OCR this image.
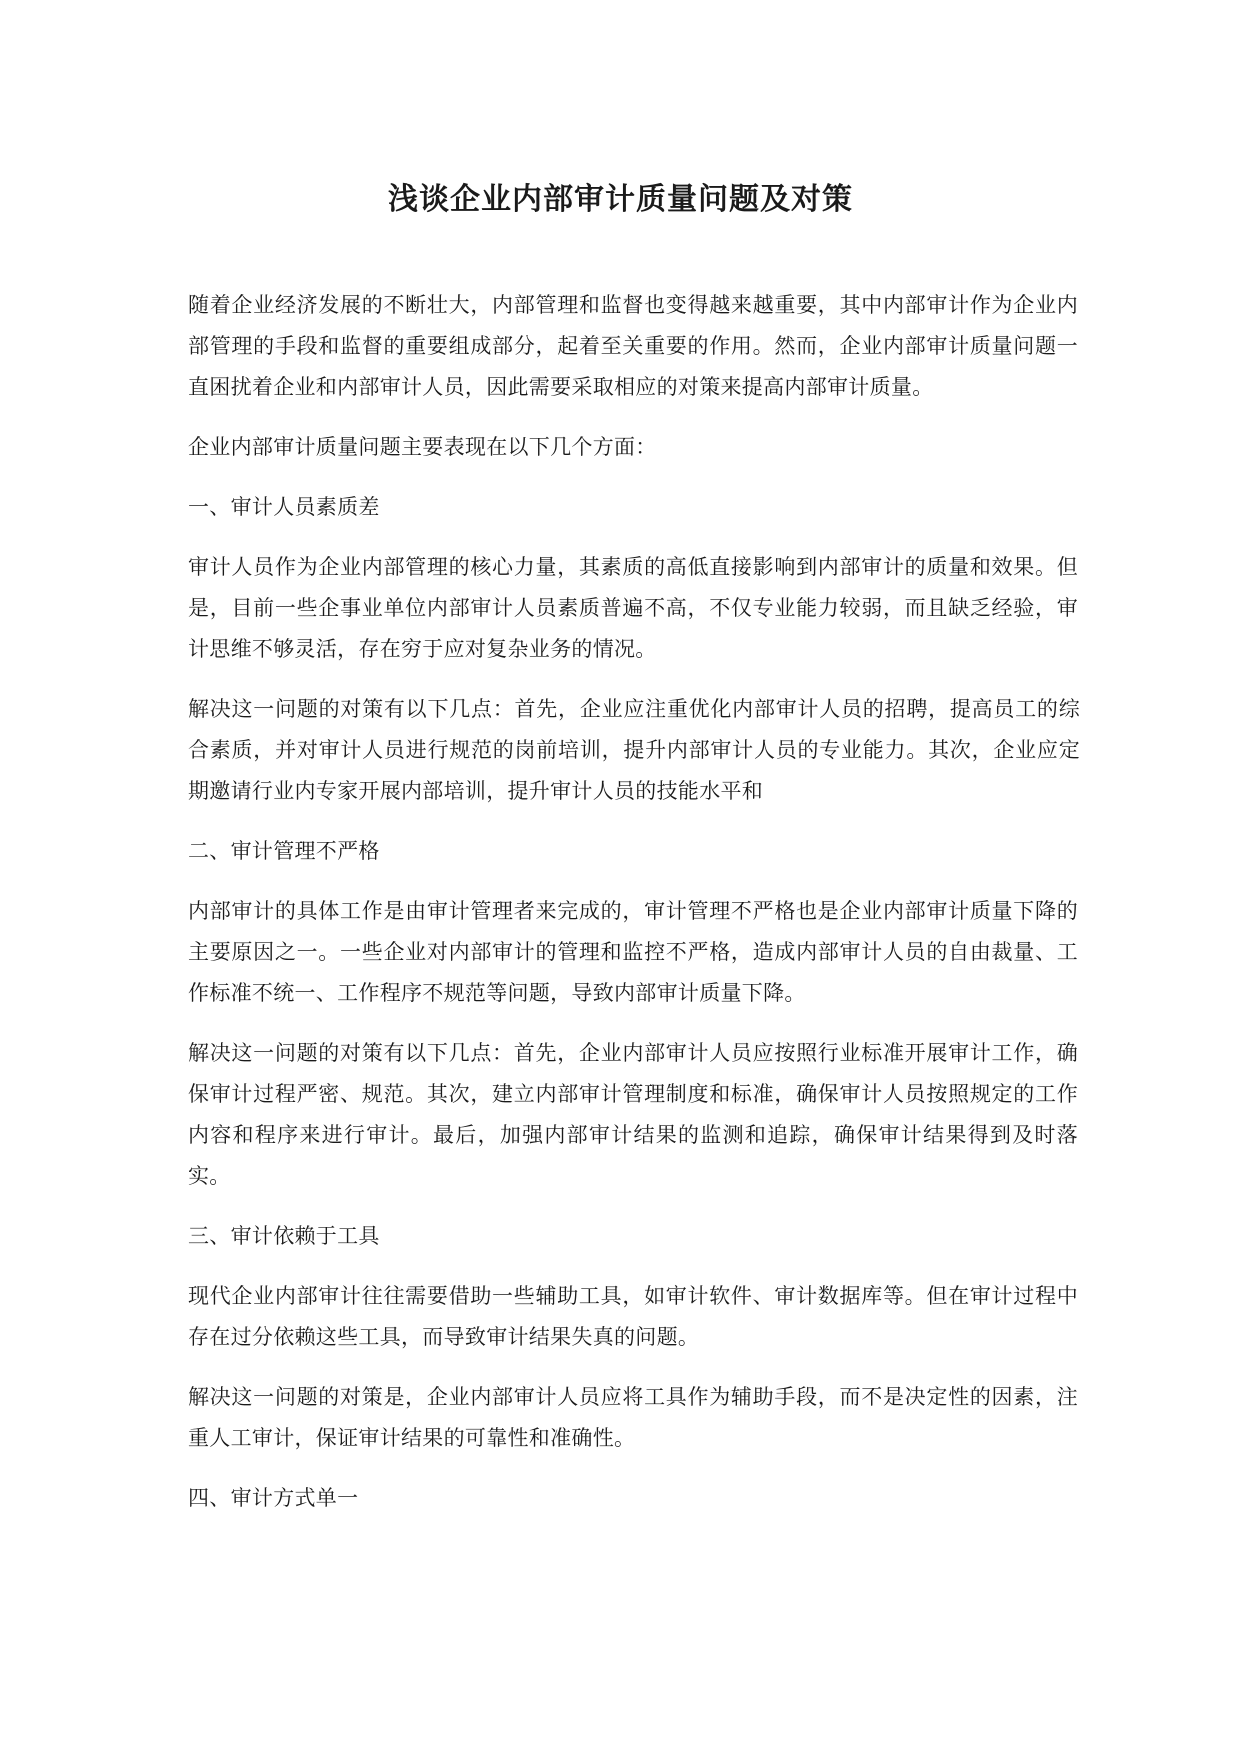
浅谈企业内部审计质量问题及对策

随着企业经济发展的不断壮大，内部管理和监督也变得越来越重要，其中内部审计作为企业内部管理的手段和监督的重要组成部分，起着至关重要的作用。然而，企业内部审计质量问题一直困扰着企业和内部审计人员，因此需要采取相应的对策来提高内部审计质量。

企业内部审计质量问题主要表现在以下几个方面：

一、审计人员素质差

审计人员作为企业内部管理的核心力量，其素质的高低直接影响到内部审计的质量和效果。但是，目前一些企事业单位内部审计人员素质普遍不高，不仅专业能力较弱，而且缺乏经验，审计思维不够灵活，存在穷于应对复杂业务的情况。

解决这一问题的对策有以下几点：首先，企业应注重优化内部审计人员的招聘，提高员工的综合素质，并对审计人员进行规范的岗前培训，提升内部审计人员的专业能力。其次，企业应定期邀请行业内专家开展内部培训，提升审计人员的技能水平和

二、审计管理不严格

内部审计的具体工作是由审计管理者来完成的，审计管理不严格也是企业内部审计质量下降的主要原因之一。一些企业对内部审计的管理和监控不严格，造成内部审计人员的自由裁量、工作标准不统一、工作程序不规范等问题，导致内部审计质量下降。

解决这一问题的对策有以下几点：首先，企业内部审计人员应按照行业标准开展审计工作，确保审计过程严密、规范。其次，建立内部审计管理制度和标准，确保审计人员按照规定的工作内容和程序来进行审计。最后，加强内部审计结果的监测和追踪，确保审计结果得到及时落实。

三、审计依赖于工具

现代企业内部审计往往需要借助一些辅助工具，如审计软件、审计数据库等。但在审计过程中存在过分依赖这些工具，而导致审计结果失真的问题。

解决这一问题的对策是，企业内部审计人员应将工具作为辅助手段，而不是决定性的因素，注重人工审计，保证审计结果的可靠性和准确性。

四、审计方式单一
